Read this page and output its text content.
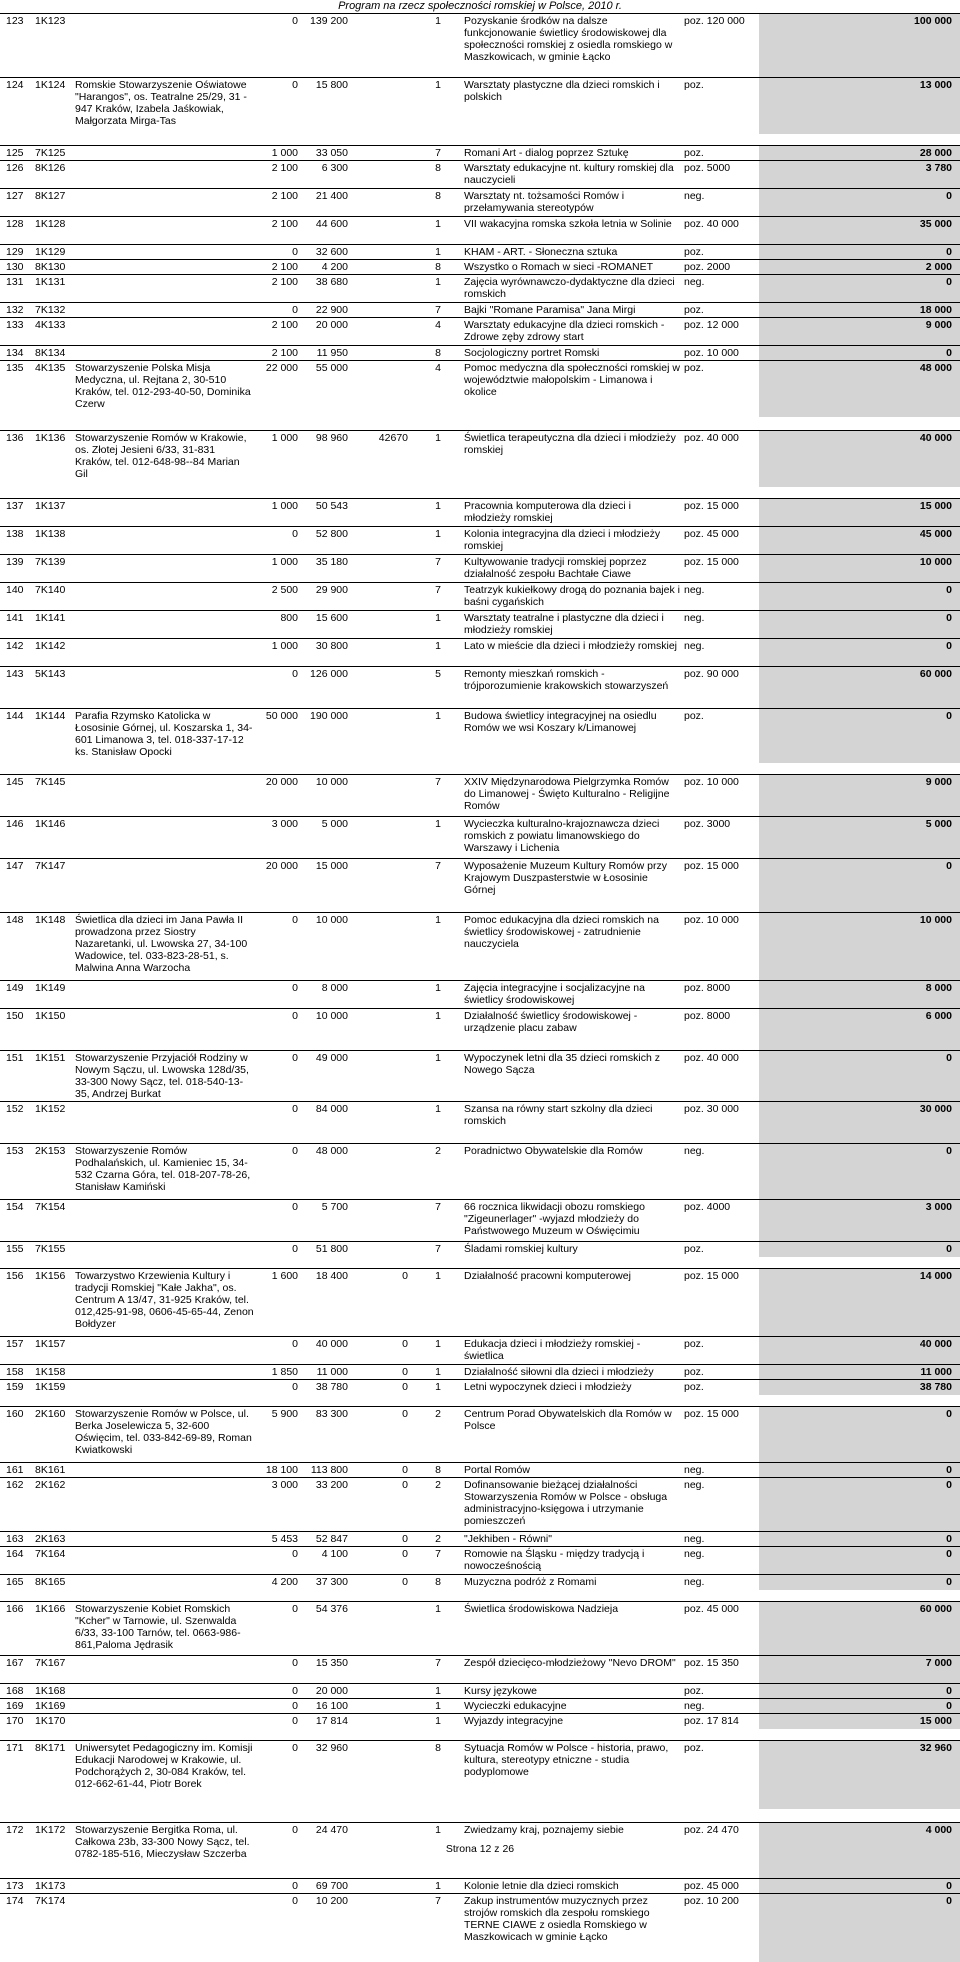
Program na rzecz społeczności romskiej w Polsce, 2010 r.
123	1K123		0	139 200		1	Pozyskanie środków na dalsze funkcjonowanie świetlicy środowiskowej dla społeczności romskiej z osiedla romskiego w Maszkowicach, w gminie Łącko	poz. 120 000	100 000
124	1K124	Romskie Stowarzyszenie Oświatowe "Harangos", os. Teatralne 25/29, 31 - 947 Kraków, Izabela Jaśkowiak, Małgorzata Mirga-Tas	0	15 800		1	Warsztaty plastyczne dla dzieci romskich i polskich	poz.	13 000

125	7K125		1 000	33 050		7	Romani Art - dialog poprzez Sztukę	poz.	28 000
126	8K126		2 100	6 300		8	Warsztaty edukacyjne nt. kultury romskiej dla nauczycieli	poz. 5000	3 780
127	8K127		2 100	21 400		8	Warsztaty nt. tożsamości Romów i przełamywania stereotypów	neg.	0
128	1K128		2 100	44 600		1	VII wakacyjna romska szkoła letnia w Solinie	poz. 40 000	35 000
129	1K129		0	32 600		1	KHAM - ART. - Słoneczna sztuka	poz.	0
130	8K130		2 100	4 200		8	Wszystko o Romach w sieci -ROMANET	poz. 2000	2 000
131	1K131		2 100	38 680		1	Zajęcia wyrównawczo-dydaktyczne dla dzieci romskich	neg.	0
132	7K132		0	22 900		7	Bajki "Romane Paramisa" Jana Mirgi	poz.	18 000
133	4K133		2 100	20 000		4	Warsztaty edukacyjne dla dzieci romskich - Zdrowe zęby zdrowy start	poz. 12 000	9 000
134	8K134		2 100	11 950		8	Socjologiczny portret Romski	poz. 10 000	0
135	4K135	Stowarzyszenie Polska Misja Medyczna, ul. Rejtana 2, 30-510 Kraków, tel. 012-293-40-50, Dominika Czerw	22 000	55 000		4	Pomoc medyczna dla społeczności romskiej w województwie małopolskim - Limanowa i okolice	poz.	48 000

136	1K136	Stowarzyszenie Romów w Krakowie, os. Złotej Jesieni 6/33, 31-831 Kraków, tel. 012-648-98--84 Marian Gil	1 000	98 960	42670	1	Świetlica terapeutyczna dla dzieci i młodzieży romskiej	poz. 40 000	40 000

137	1K137		1 000	50 543		1	Pracownia komputerowa dla dzieci i młodzieży romskiej	poz. 15 000	15 000
138	1K138		0	52 800		1	Kolonia integracyjna dla dzieci i młodzieży romskiej	poz. 45 000	45 000
139	7K139		1 000	35 180		7	Kultywowanie tradycji romskiej poprzez działalność zespołu Bachtałe Ciawe	poz. 15 000	10 000
140	7K140		2 500	29 900		7	Teatrzyk kukiełkowy drogą do poznania bajek i baśni cygańskich	neg.	0
141	1K141		800	15 600		1	Warsztaty teatralne i plastyczne dla dzieci i młodzieży romskiej	neg.	0
142	1K142		1 000	30 800		1	Lato w mieście dla dzieci i młodzieży romskiej	neg.	0
143	5K143		0	126 000		5	Remonty mieszkań romskich - trójporozumienie krakowskich stowarzyszeń	poz. 90 000	60 000
144	1K144	Parafia Rzymsko Katolicka w Łososinie Górnej, ul. Koszarska 1, 34-601 Limanowa 3, tel. 018-337-17-12 ks. Stanisław Opocki	50 000	190 000		1	Budowa świetlicy integracyjnej na osiedlu Romów we wsi Koszary k/Limanowej	poz.	0

145	7K145		20 000	10 000		7	XXIV Międzynarodowa Pielgrzymka Romów do Limanowej - Święto Kulturalno - Religijne Romów	poz. 10 000	9 000
146	1K146		3 000	5 000		1	Wycieczka kulturalno-krajoznawcza dzieci romskich z powiatu limanowskiego do Warszawy i Lichenia	poz. 3000	5 000
147	7K147		20 000	15 000		7	Wyposażenie Muzeum Kultury Romów przy Krajowym Duszpasterstwie w Łososinie Górnej	poz. 15 000	0
148	1K148	Świetlica dla dzieci im Jana Pawła II prowadzona przez Siostry Nazaretanki, ul. Lwowska 27, 34-100 Wadowice, tel. 033-823-28-51, s. Malwina Anna Warzocha	0	10 000		1	Pomoc edukacyjna dla dzieci romskich na świetlicy środowiskowej - zatrudnienie nauczyciela	poz. 10 000	10 000
149	1K149		0	8 000		1	Zajęcia integracyjne i socjalizacyjne na świetlicy środowiskowej	poz. 8000	8 000
150	1K150		0	10 000		1	Działalność świetlicy środowiskowej - urządzenie placu zabaw	poz. 8000	6 000
151	1K151	Stowarzyszenie Przyjaciół Rodziny w Nowym Sączu, ul. Lwowska 128d/35, 33-300 Nowy Sącz, tel. 018-540-13-35, Andrzej Burkat	0	49 000		1	Wypoczynek letni dla 35 dzieci romskich z Nowego Sącza	poz. 40 000	0
152	1K152		0	84 000		1	Szansa na równy start szkolny dla dzieci romskich	poz. 30 000	30 000
153	2K153	Stowarzyszenie Romów Podhalańskich, ul. Kamieniec 15, 34-532 Czarna Góra, tel. 018-207-78-26, Stanisław Kamiński	0	48 000		2	Poradnictwo Obywatelskie dla Romów	neg.	0
154	7K154		0	5 700		7	66 rocznica likwidacji obozu romskiego "Zigeunerlager" -wyjazd młodzieży do Państwowego Muzeum w Oświęcimiu	poz. 4000	3 000
155	7K155		0	51 800		7	Śladami romskiej kultury	poz.	0

156	1K156	Towarzystwo Krzewienia Kultury i tradycji Romskiej "Kałe Jakha", os. Centrum A 13/47, 31-925 Kraków, tel. 012,425-91-98, 0606-45-65-44, Zenon Bołdyzer	1 600	18 400	0	1	Działalność pracowni komputerowej	poz. 15 000	14 000
157	1K157		0	40 000	0	1	Edukacja dzieci i młodzieży romskiej - świetlica	poz.	40 000
158	1K158		1 850	11 000	0	1	Działalność siłowni dla dzieci i młodzieży	poz.	11 000
159	1K159		0	38 780	0	1	Letni wypoczynek dzieci i młodzieży	poz.	38 780

160	2K160	Stowarzyszenie Romów w Polsce, ul. Berka Joselewicza 5, 32-600 Oświęcim, tel. 033-842-69-89, Roman Kwiatkowski	5 900	83 300	0	2	Centrum Porad Obywatelskich dla Romów w Polsce	poz. 15 000	0
161	8K161		18 100	113 800	0	8	Portal Romów	neg.	0
162	2K162		3 000	33 200	0	2	Dofinansowanie bieżącej działalności Stowarzyszenia Romów w Polsce - obsługa administracyjno-księgowa i utrzymanie pomieszczeń	neg.	0
163	2K163		5 453	52 847	0	2	"Jekhiben - Równi"	neg.	0
164	7K164		0	4 100	0	7	Romowie na Śląsku - między tradycją i nowocześnością	neg.	0
165	8K165		4 200	37 300	0	8	Muzyczna podróż z Romami	neg.	0

166	1K166	Stowarzyszenie Kobiet Romskich "Kcher" w Tarnowie, ul. Szenwalda 6/33, 33-100 Tarnów, tel. 0663-986-861,Paloma Jędrasik	0	54 376		1	Świetlica środowiskowa Nadzieja	poz. 45 000	60 000
167	7K167		0	15 350		7	Zespół dziecięco-młodzieżowy "Nevo DROM"	poz. 15 350	7 000
168	1K168		0	20 000		1	Kursy językowe	poz.	0
169	1K169		0	16 100		1	Wycieczki edukacyjne	neg.	0
170	1K170		0	17 814		1	Wyjazdy integracyjne	poz. 17 814	15 000

171	8K171	Uniwersytet Pedagogiczny im. Komisji Edukacji Narodowej w Krakowie, ul. Podchorążych 2, 30-084 Kraków, tel. 012-662-61-44, Piotr Borek	0	32 960		8	Sytuacja Romów w Polsce - historia, prawo, kultura, stereotypy etniczne - studia podyplomowe	poz.	32 960

172	1K172	Stowarzyszenie Bergitka Roma, ul. Całkowa 23b, 33-300 Nowy Sącz, tel. 0782-185-516, Mieczysław Szczerba	0	24 470		1	Zwiedzamy kraj, poznajemy siebie	poz. 24 470	4 000
173	1K173		0	69 700		1	Kolonie letnie dla dzieci romskich	poz. 45 000	0
174	7K174		0	10 200		7	Zakup instrumentów muzycznych przez strojów romskich dla zespołu romskiego TERNE CIAWE z osiedla Romskiego w Maszkowicach w gminie Łącko	poz. 10 200	0
Strona 12 z 26
